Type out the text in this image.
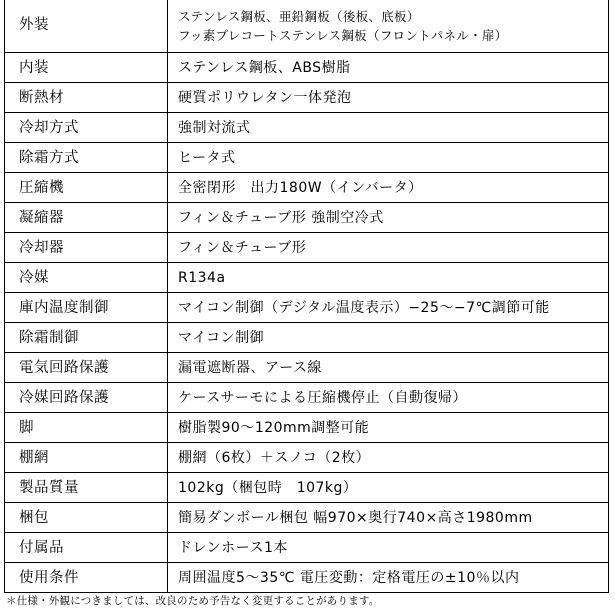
外装	ステンレス鋼板、亜鉛鋼板（後板、底板）
フッ素プレコートステンレス鋼板（フロントパネル・扉）

内装	ステンレス鋼板、ABS樹脂

断熱材	硬質ポリウレタン一体発泡

冷却方式	強制対流式

除霜方式	ヒータ式

圧縮機	全密閉形　出力180W（インバータ）

凝縮器	フィン＆チューブ形 強制空冷式

冷却器	フィン＆チューブ形

冷媒	R134a

庫内温度制御	マイコン制御（デジタル温度表示）−25〜−7℃調節可能

除霜制御	マイコン制御

電気回路保護	漏電遮断器、アース線

冷媒回路保護	ケースサーモによる圧縮機停止（自動復帰）

脚	樹脂製90〜120mm調整可能

棚網	棚網（6枚）＋スノコ（2枚）

製品質量	102kg（梱包時　107kg）

梱包	簡易ダンボール梱包 幅970×奥行740×高さ1980mm

付属品	ドレンホース1本

使用条件	周囲温度5〜35℃ 電圧変動：定格電圧の±10％以内
＊仕様・外観につきましては、改良のため予告なく変更することがあります。
